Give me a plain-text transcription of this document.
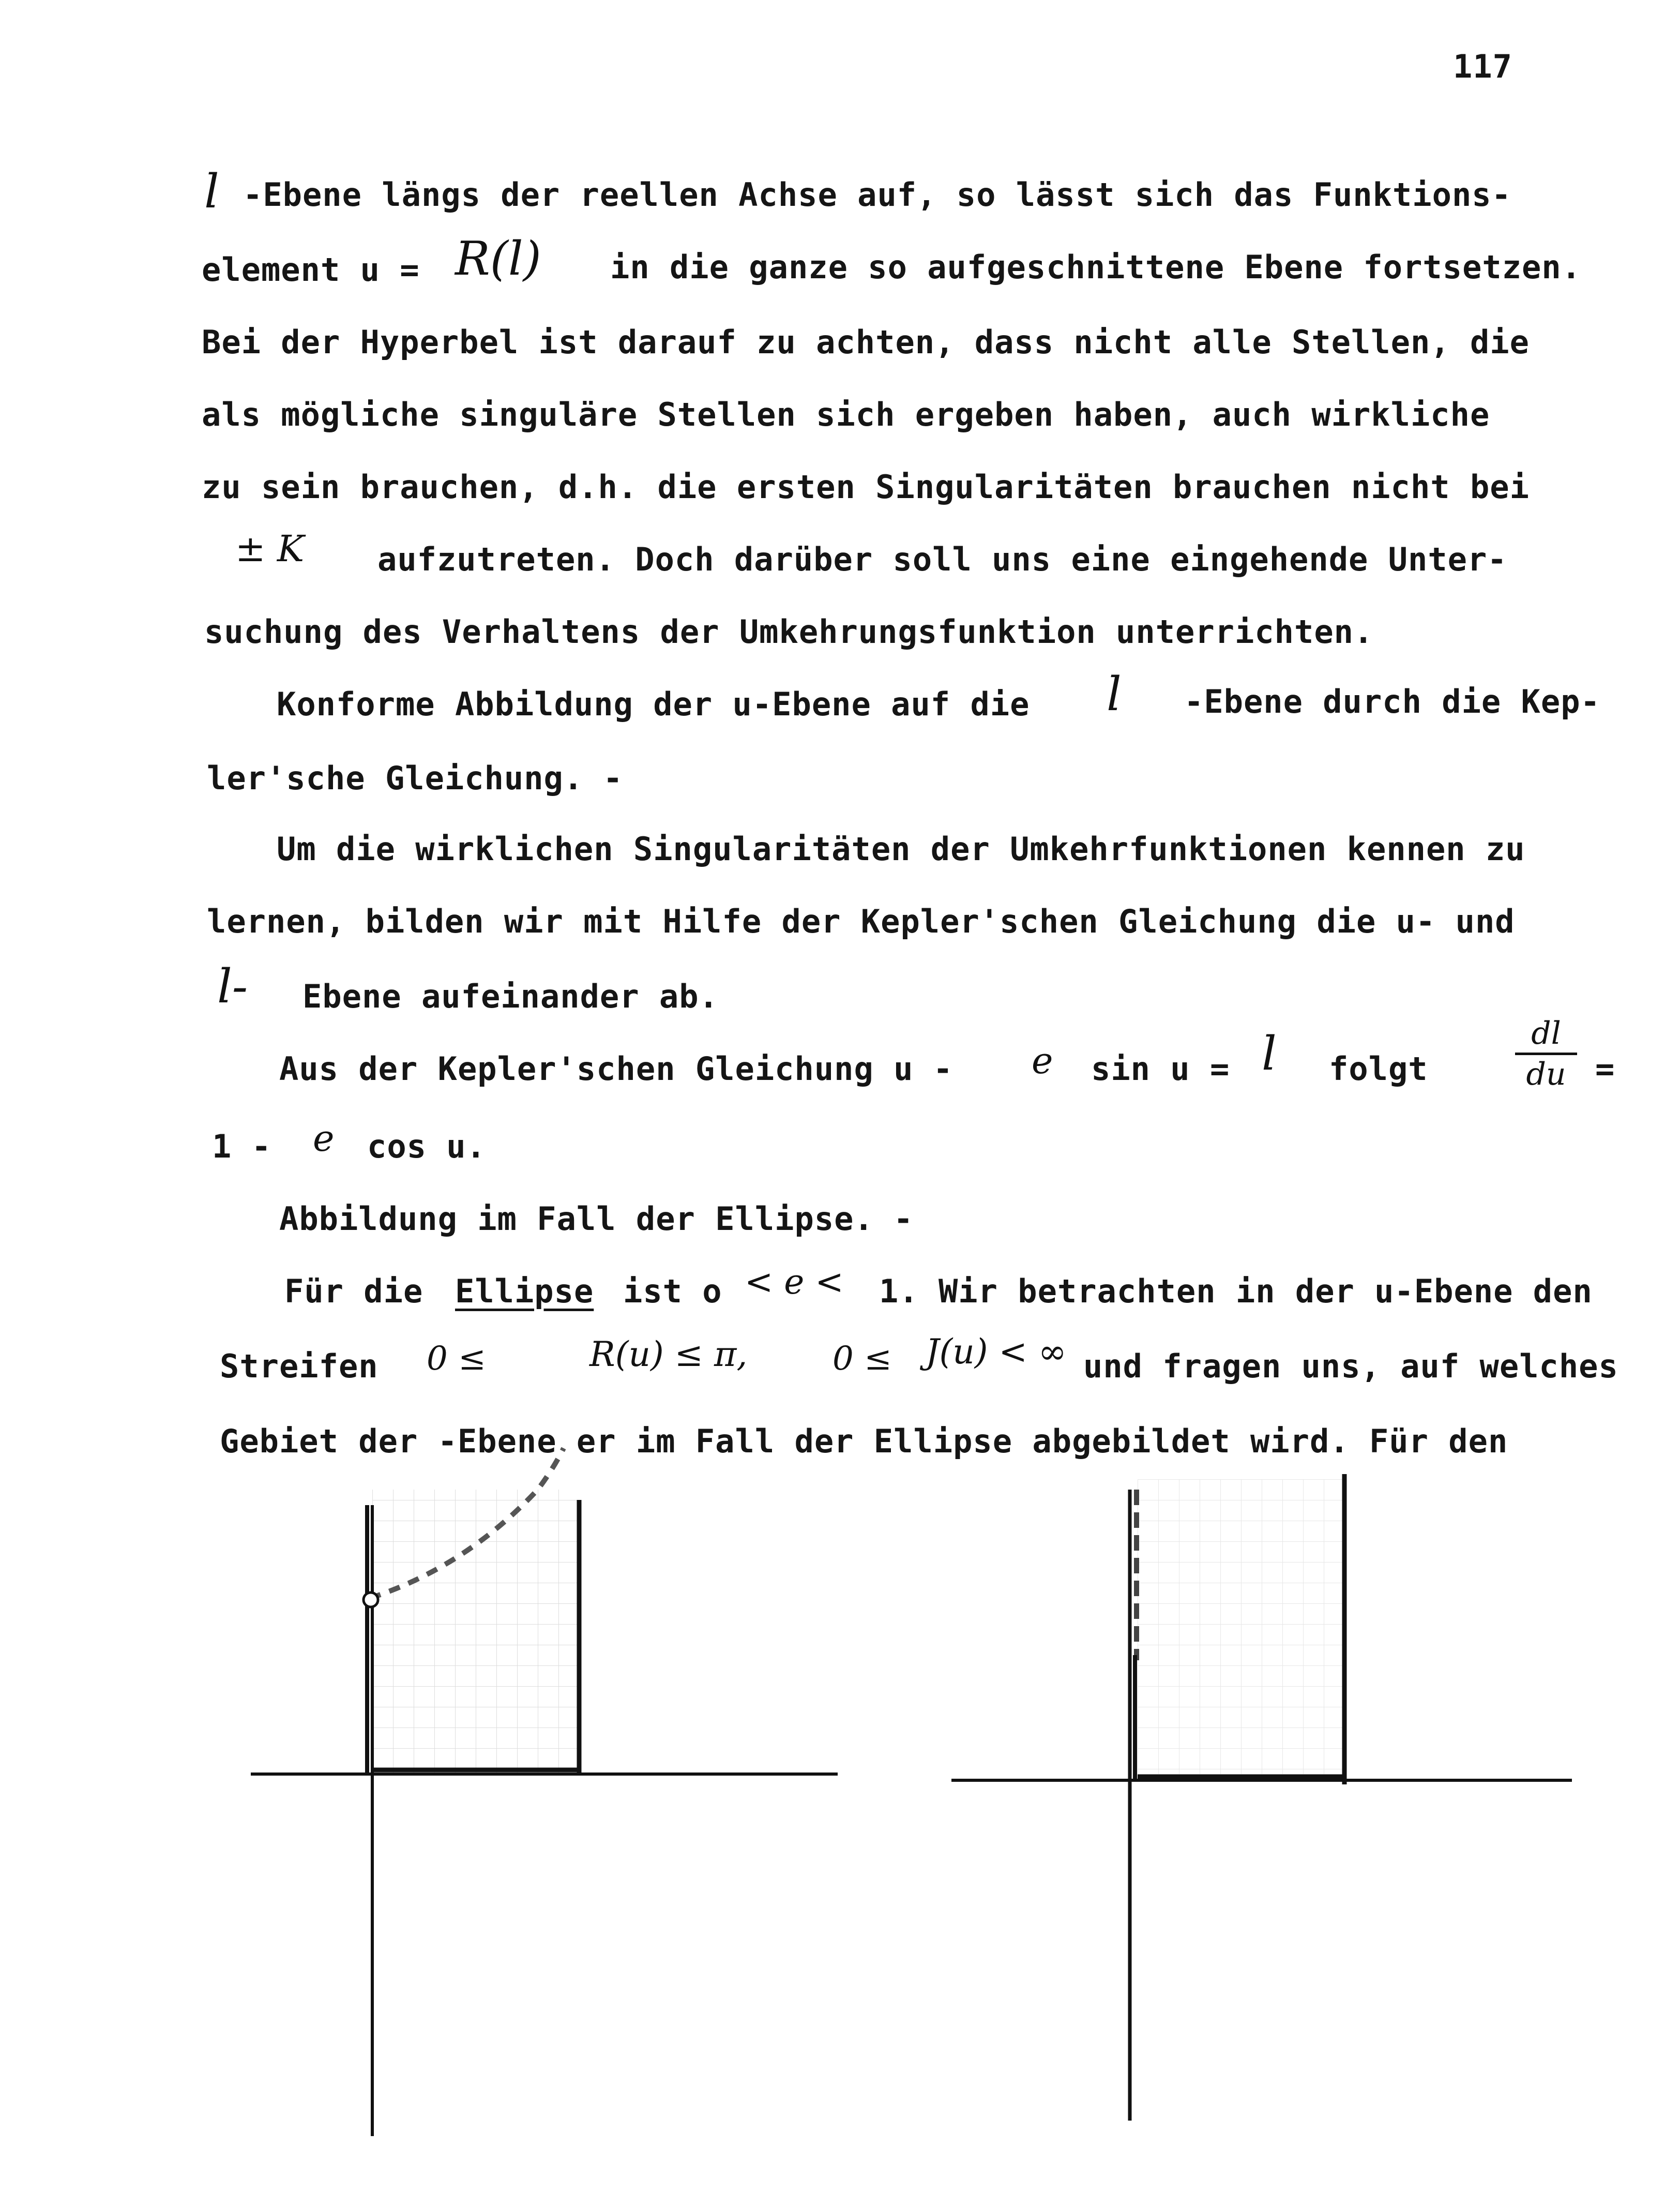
117
l -Ebene längs der reellen Achse auf, so lässt sich das Funktions-
element u = R(l) in die ganze so aufgeschnittene Ebene fortsetzen.
Bei der Hyperbel ist darauf zu achten, dass nicht alle Stellen, die
als mögliche singuläre Stellen sich ergeben haben, auch wirkliche
zu sein brauchen, d.h. die ersten Singularitäten brauchen nicht bei
± K aufzutreten. Doch darüber soll uns eine eingehende Unter-
suchung des Verhaltens der Umkehrungsfunktion unterrichten.
Konforme Abbildung der u-Ebene auf die l -Ebene durch die Kep-
ler'sche Gleichung. -
Um die wirklichen Singularitäten der Umkehrfunktionen kennen zu
lernen, bilden wir mit Hilfe der Kepler'schen Gleichung die u- und
l- Ebene aufeinander ab.
Aus der Kepler'schen Gleichung u - e sin u = l folgt
dl
du =
1 - e cos u.
Abbildung im Fall der Ellipse. -
Für die Ellipse ist o < e < 1. Wir betrachten in der u-Ebene den
Streifen 0 ≤	R(u) ≤ π,	0 ≤ J(u) < ∞ und fragen uns, auf welches
Gebiet der -Ebene er im Fall der Ellipse abgebildet wird. Für den
